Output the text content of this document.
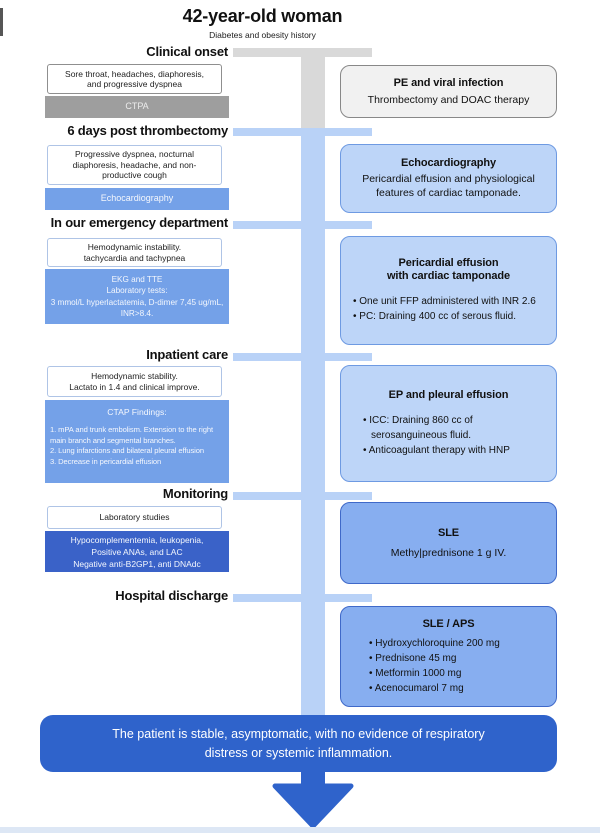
42-year-old woman
Diabetes and obesity history
Clinical onset
6 days post thrombectomy
In our emergency department
Inpatient care
Monitoring
Hospital discharge
Sore throat, headaches, diaphoresis,
and progressive dyspnea
CTPA
Progressive dyspnea, nocturnal
diaphoresis, headache, and non-
productive cough
Echocardiography
Hemodynamic instability.
tachycardia and tachypnea
EKG and TTE
Laboratory tests:
3 mmol/L hyperlactatemia, D-dimer 7,45 ug/mL,
INR>8.4.
Hemodynamic stability.
Lactato in 1.4 and clinical improve.
CTAP Findings:
1. mPA and trunk embolism. Extension to the right
main branch and segmental branches.
2. Lung infarctions and bilateral pleural effusion
3. Decrease in pericardial effusion
Laboratory studies
Hypocomplementemia, leukopenia,
Positive ANAs, and LAC
Negative anti-B2GP1, anti DNAdc
PE and viral infection
Thrombectomy and DOAC therapy
Echocardiography
Pericardial effusion and physiological
features of cardiac tamponade.
Pericardial effusion
with cardiac tamponade
• One unit FFP administered with INR 2.6
• PC: Draining 400 cc of serous fluid.
EP and pleural effusion
• ICC: Draining 860 cc of serosanguineous fluid.
• Anticoagulant therapy with HNP
SLE
Methy|prednisone 1 g IV.
SLE / APS
• Hydroxychloroquine 200 mg
• Prednisone 45 mg
• Metformin 1000 mg
• Acenocumarol 7 mg
The patient is stable, asymptomatic, with no evidence of respiratory
distress or systemic inflammation.
